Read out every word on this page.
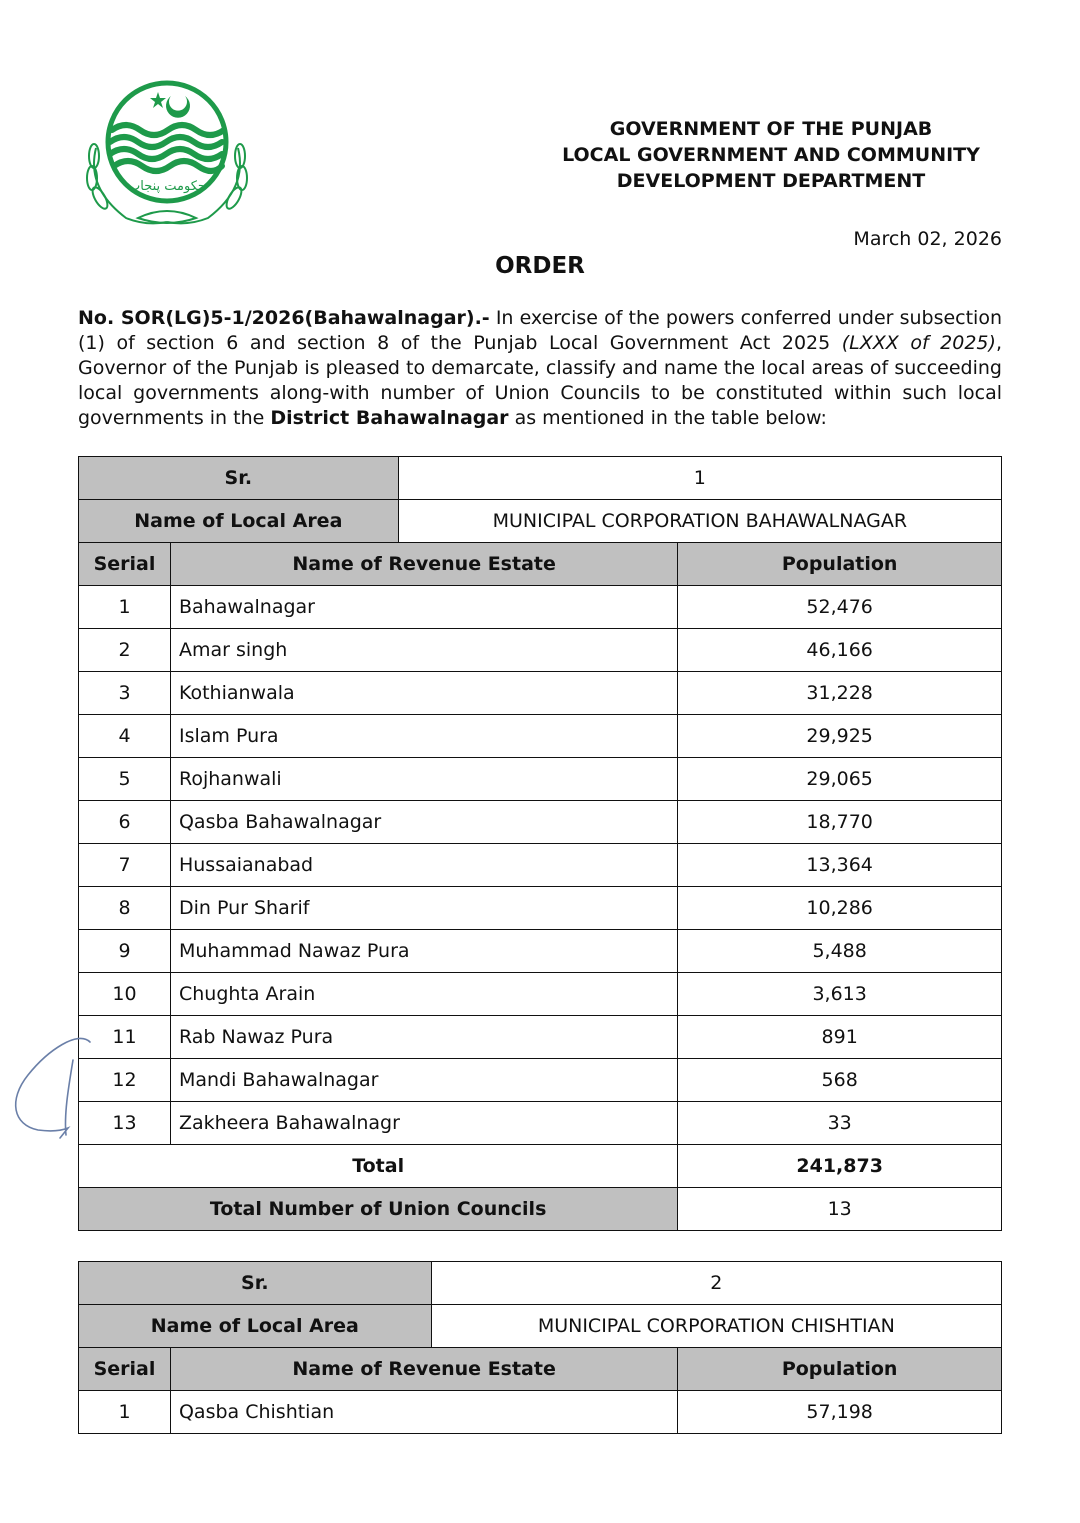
حکومت پنجاب
GOVERNMENT OF THE PUNJAB
LOCAL GOVERNMENT AND COMMUNITY
DEVELOPMENT DEPARTMENT
March 02, 2026
ORDER
No. SOR(LG)5-1/2026(Bahawalnagar).- In exercise of the powers conferred under subsection (1) of section 6 and section 8 of the Punjab Local Government Act 2025 (LXXX of 2025), Governor of the Punjab is pleased to demarcate, classify and name the local areas of succeeding local governments along-with number of Union Councils to be constituted within such local governments in the District Bahawalnagar as mentioned in the table below:
Sr.		1	
Name of Local Area		MUNICIPAL CORPORATION BAHAWALNAGAR	
Serial	Name of Revenue Estate		Population
1	Bahawalnagar		52,476
2	Amar singh		46,166
3	Kothianwala		31,228
4	Islam Pura		29,925
5	Rojhanwali		29,065
6	Qasba Bahawalnagar		18,770
7	Hussaianabad		13,364
8	Din Pur Sharif		10,286
9	Muhammad Nawaz Pura		5,488
10	Chughta Arain		3,613
11	Rab Nawaz Pura		891
12	Mandi Bahawalnagar		568
13	Zakheera Bahawalnagr		33
Total			241,873
Total Number of Union Councils			13
Sr.		2	
Name of Local Area		MUNICIPAL CORPORATION CHISHTIAN	
Serial	Name of Revenue Estate		Population
1	Qasba Chishtian		57,198
